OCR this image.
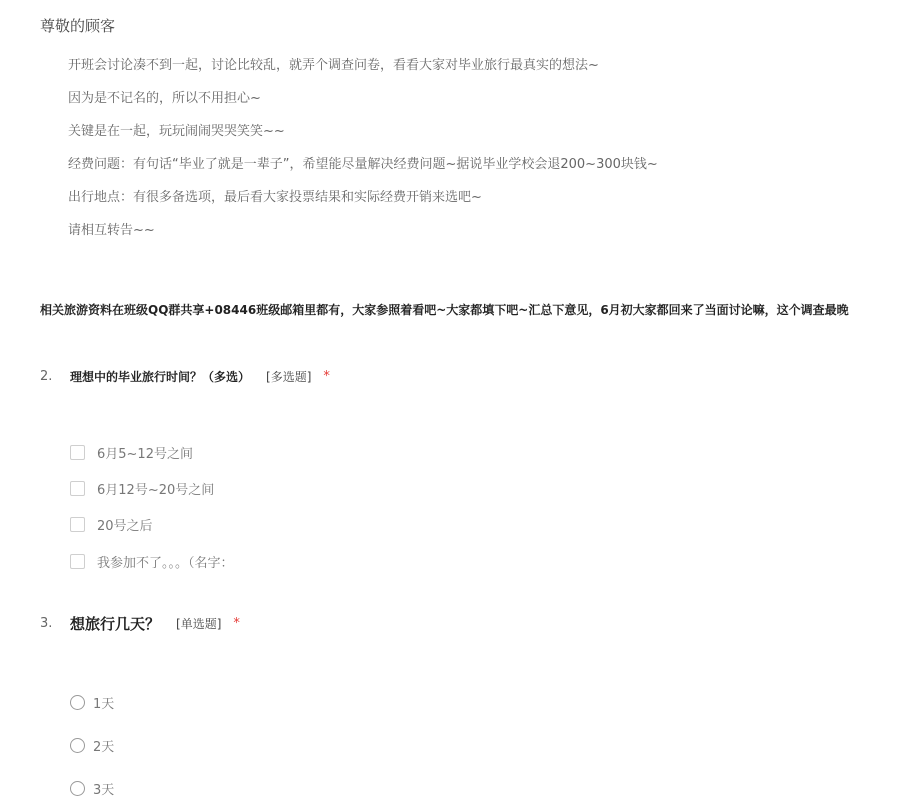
尊敬的顾客
开班会讨论凑不到一起，讨论比较乱，就弄个调查问卷，看看大家对毕业旅行最真实的想法~
因为是不记名的，所以不用担心~
关键是在一起，玩玩闹闹哭哭笑笑~~
经费问题：有句话“毕业了就是一辈子”，希望能尽量解决经费问题~据说毕业学校会退200~300块钱~
出行地点：有很多备选项，最后看大家投票结果和实际经费开销来选吧~
请相互转告~~
相关旅游资料在班级QQ群共享+08446班级邮箱里都有，大家参照着看吧~大家都填下吧~汇总下意见，6月初大家都回来了当面讨论嘛，这个调查最晚
2.	理想中的毕业旅行时间？（多选） [多选题] *
6月5~12号之间
6月12号~20号之间
20号之后
我参加不了。。。（名字：
3.	想旅行几天？ [单选题] *
1天
2天
3天
